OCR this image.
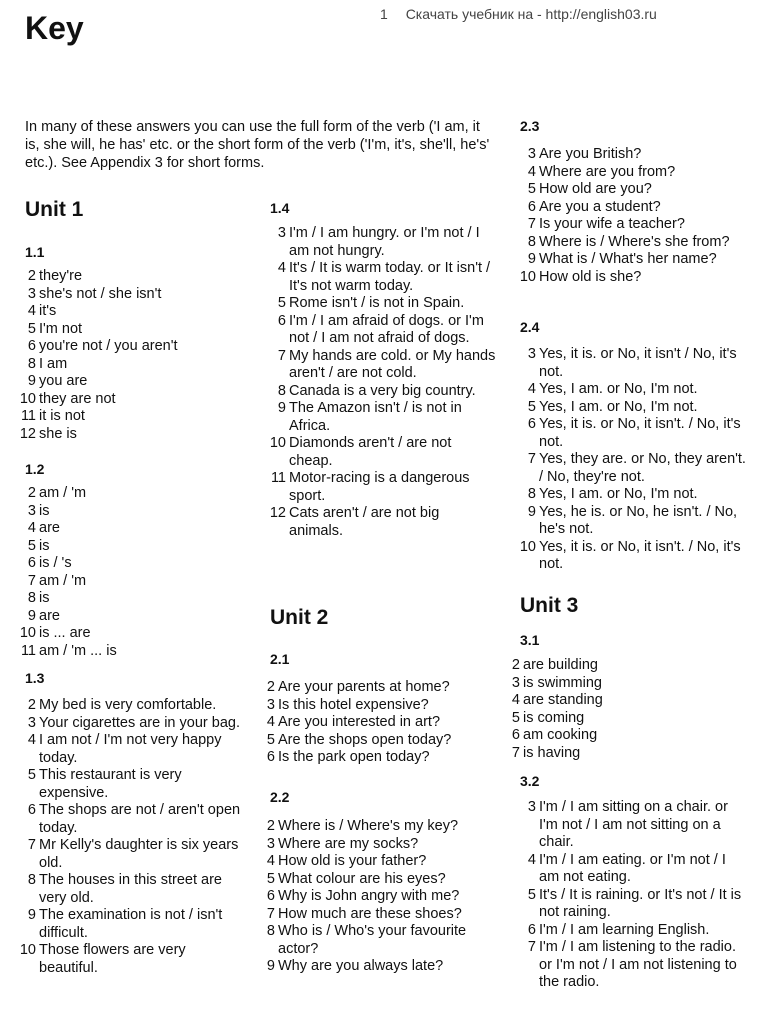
1 Скачать учебник на - http://english03.ru
Key
In many of these answers you can use the full form of the verb ('I am, it is, she will, he has' etc. or the short form of the verb ('I'm, it's, she'll, he's' etc.). See Appendix 3 for short forms.
Unit 1
1.1
2 they're
3 she's not / she isn't
4 it's
5 I'm not
6 you're not / you aren't
8 I am
9 you are
10 they are not
11 it is not
12 she is
1.2
2 am / 'm
3 is
4 are
5 is
6 is / 's
7 am / 'm
8 is
9 are
10 is ... are
11 am / 'm ... is
1.3
2 My bed is very comfortable.
3 Your cigarettes are in your bag.
4 I am not / I'm not very happy today.
5 This restaurant is very expensive.
6 The shops are not / aren't open today.
7 Mr Kelly's daughter is six years old.
8 The houses in this street are very old.
9 The examination is not / isn't difficult.
10 Those flowers are very beautiful.
1.4
3 I'm / I am hungry. or I'm not / I am not hungry.
4 It's / It is warm today. or It isn't / It's not warm today.
5 Rome isn't / is not in Spain.
6 I'm / I am afraid of dogs. or I'm not / I am not afraid of dogs.
7 My hands are cold. or My hands aren't / are not cold.
8 Canada is a very big country.
9 The Amazon isn't / is not in Africa.
10 Diamonds aren't / are not cheap.
11 Motor-racing is a dangerous sport.
12 Cats aren't / are not big animals.
Unit 2
2.1
2 Are your parents at home?
3 Is this hotel expensive?
4 Are you interested in art?
5 Are the shops open today?
6 Is the park open today?
2.2
2 Where is / Where's my key?
3 Where are my socks?
4 How old is your father?
5 What colour are his eyes?
6 Why is John angry with me?
7 How much are these shoes?
8 Who is / Who's your favourite actor?
9 Why are you always late?
2.3
3 Are you British?
4 Where are you from?
5 How old are you?
6 Are you a student?
7 Is your wife a teacher?
8 Where is / Where's she from?
9 What is / What's her name?
10 How old is she?
2.4
3 Yes, it is. or No, it isn't / No, it's not.
4 Yes, I am. or No, I'm not.
5 Yes, I am. or No, I'm not.
6 Yes, it is. or No, it isn't. / No, it's not.
7 Yes, they are. or No, they aren't. / No, they're not.
8 Yes, I am. or No, I'm not.
9 Yes, he is. or No, he isn't. / No, he's not.
10 Yes, it is. or No, it isn't. / No, it's not.
Unit 3
3.1
2 are building
3 is swimming
4 are standing
5 is coming
6 am cooking
7 is having
3.2
3 I'm / I am sitting on a chair. or I'm not / I am not sitting on a chair.
4 I'm / I am eating. or I'm not / I am not eating.
5 It's / It is raining. or It's not / It is not raining.
6 I'm / I am learning English.
7 I'm / I am listening to the radio. or I'm not / I am not listening to the radio.
